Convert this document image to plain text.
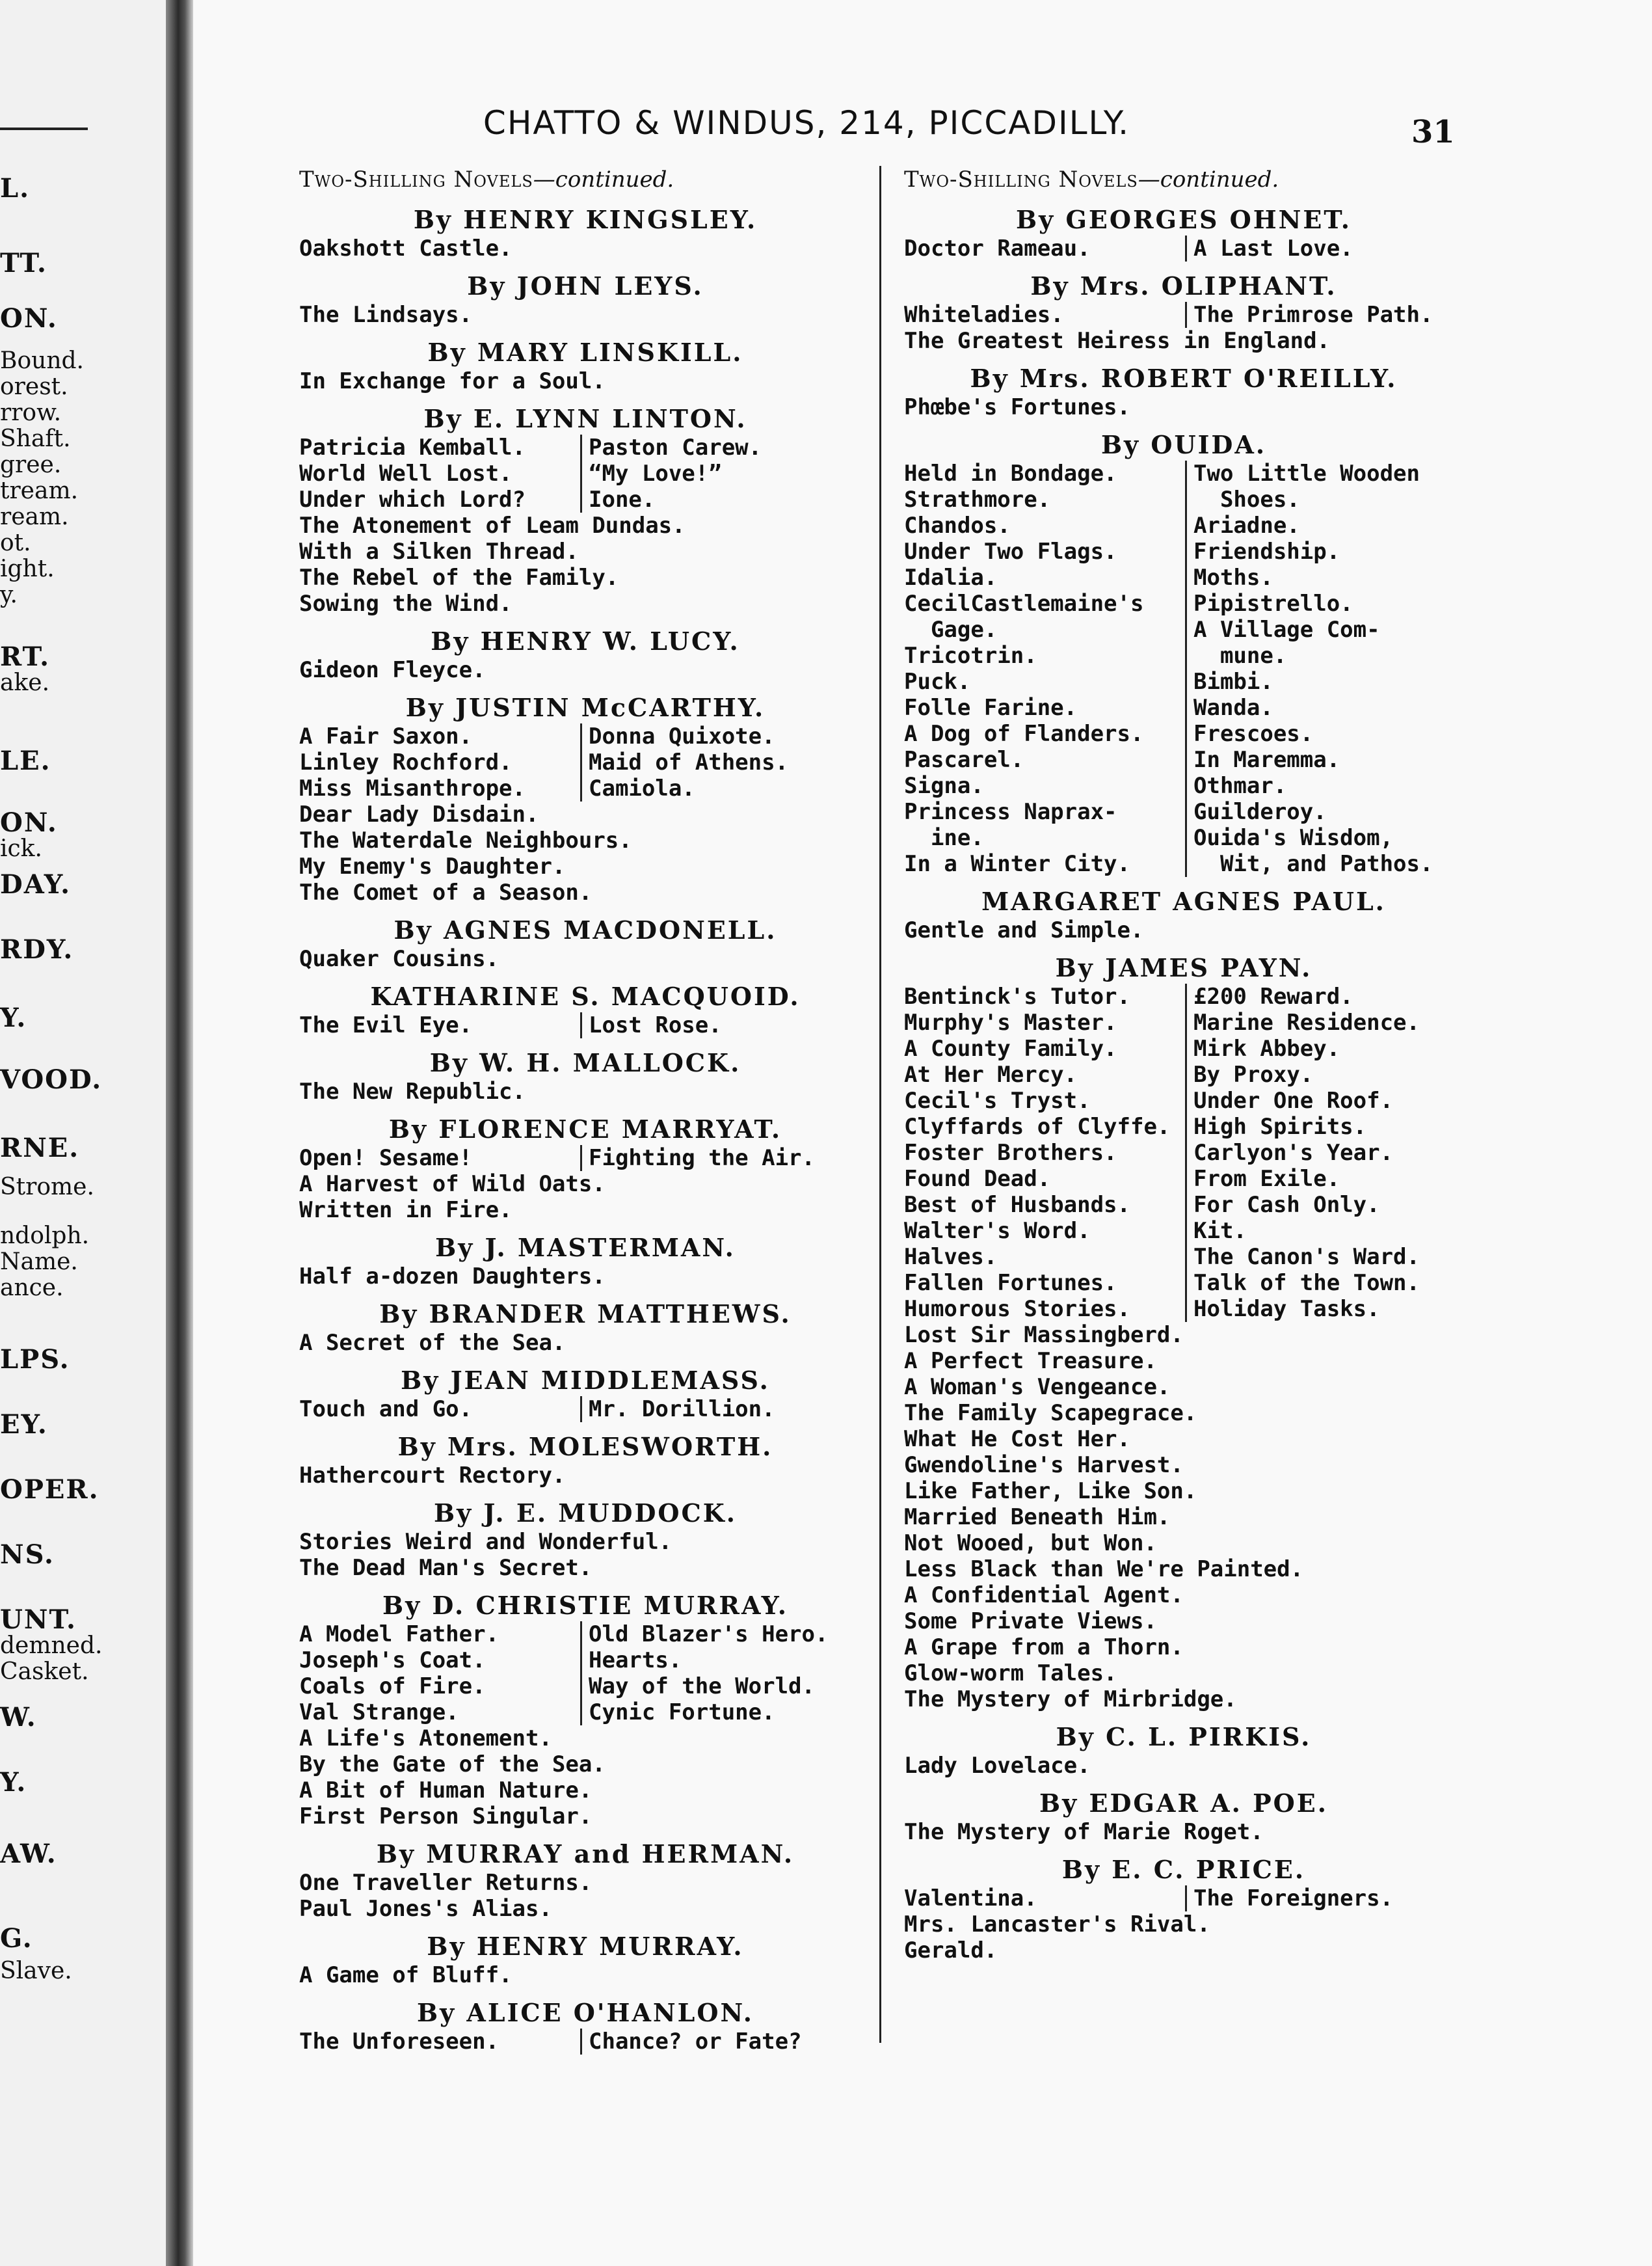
L.
TT.
ON.
Bound.
orest.
rrow.
Shaft.
gree.
tream.
ream.
ot.
ight.
y.
RT.
ake.
LE.
ON.
ick.
DAY.
RDY.
Y.
VOOD.
RNE.
Strome.
ndolph.
Name.
ance.
LPS.
EY.
OPER.
NS.
UNT.
demned.
Casket.
W.
Y.
AW.
G.
Slave.
CHATTO & WINDUS, 214, PICCADILLY.	31
Two-Shilling Novels—continued.
By HENRY KINGSLEY.
Oakshott Castle.
By JOHN LEYS.
The Lindsays.
By MARY LINSKILL.
In Exchange for a Soul.
By E. LYNN LINTON.
Patricia Kemball.	Paston Carew.
World Well Lost.	“My Love!”
Under which Lord?	Ione.
The Atonement of Leam Dundas.
With a Silken Thread.
The Rebel of the Family.
Sowing the Wind.
By HENRY W. LUCY.
Gideon Fleyce.
By JUSTIN McCARTHY.
A Fair Saxon.	Donna Quixote.
Linley Rochford.	Maid of Athens.
Miss Misanthrope.	Camiola.
Dear Lady Disdain.
The Waterdale Neighbours.
My Enemy's Daughter.
The Comet of a Season.
By AGNES MACDONELL.
Quaker Cousins.
KATHARINE S. MACQUOID.
The Evil Eye.	Lost Rose.
By W. H. MALLOCK.
The New Republic.
By FLORENCE MARRYAT.
Open! Sesame!	Fighting the Air.
A Harvest of Wild Oats.
Written in Fire.
By J. MASTERMAN.
Half a-dozen Daughters.
By BRANDER MATTHEWS.
A Secret of the Sea.
By JEAN MIDDLEMASS.
Touch and Go.	Mr. Dorillion.
By Mrs. MOLESWORTH.
Hathercourt Rectory.
By J. E. MUDDOCK.
Stories Weird and Wonderful.
The Dead Man's Secret.
By D. CHRISTIE MURRAY.
A Model Father.	Old Blazer's Hero.
Joseph's Coat.	Hearts.
Coals of Fire.	Way of the World.
Val Strange.	Cynic Fortune.
A Life's Atonement.
By the Gate of the Sea.
A Bit of Human Nature.
First Person Singular.
By MURRAY and HERMAN.
One Traveller Returns.
Paul Jones's Alias.
By HENRY MURRAY.
A Game of Bluff.
By ALICE O'HANLON.
The Unforeseen.	Chance? or Fate?
Two-Shilling Novels—continued.
By GEORGES OHNET.
Doctor Rameau.	A Last Love.
By Mrs. OLIPHANT.
Whiteladies.	The Primrose Path.
The Greatest Heiress in England.
By Mrs. ROBERT O'REILLY.
Phœbe's Fortunes.
By OUIDA.
Held in Bondage.	Two Little Wooden
Strathmore.	Shoes.
Chandos.	Ariadne.
Under Two Flags.	Friendship.
Idalia.	Moths.
CecilCastlemaine's	Pipistrello.
Gage.	A Village Com-
Tricotrin.	mune.
Puck.	Bimbi.
Folle Farine.	Wanda.
A Dog of Flanders.	Frescoes.
Pascarel.	In Maremma.
Signa.	Othmar.
Princess Naprax-	Guilderoy.
ine.	Ouida's Wisdom,
In a Winter City.	Wit, and Pathos.
MARGARET AGNES PAUL.
Gentle and Simple.
By JAMES PAYN.
Bentinck's Tutor.	£200 Reward.
Murphy's Master.	Marine Residence.
A County Family.	Mirk Abbey.
At Her Mercy.	By Proxy.
Cecil's Tryst.	Under One Roof.
Clyffards of Clyffe.	High Spirits.
Foster Brothers.	Carlyon's Year.
Found Dead.	From Exile.
Best of Husbands.	For Cash Only.
Walter's Word.	Kit.
Halves.	The Canon's Ward.
Fallen Fortunes.	Talk of the Town.
Humorous Stories.	Holiday Tasks.
Lost Sir Massingberd.
A Perfect Treasure.
A Woman's Vengeance.
The Family Scapegrace.
What He Cost Her.
Gwendoline's Harvest.
Like Father, Like Son.
Married Beneath Him.
Not Wooed, but Won.
Less Black than We're Painted.
A Confidential Agent.
Some Private Views.
A Grape from a Thorn.
Glow-worm Tales.
The Mystery of Mirbridge.
By C. L. PIRKIS.
Lady Lovelace.
By EDGAR A. POE.
The Mystery of Marie Roget.
By E. C. PRICE.
Valentina.	The Foreigners.
Mrs. Lancaster's Rival.
Gerald.
